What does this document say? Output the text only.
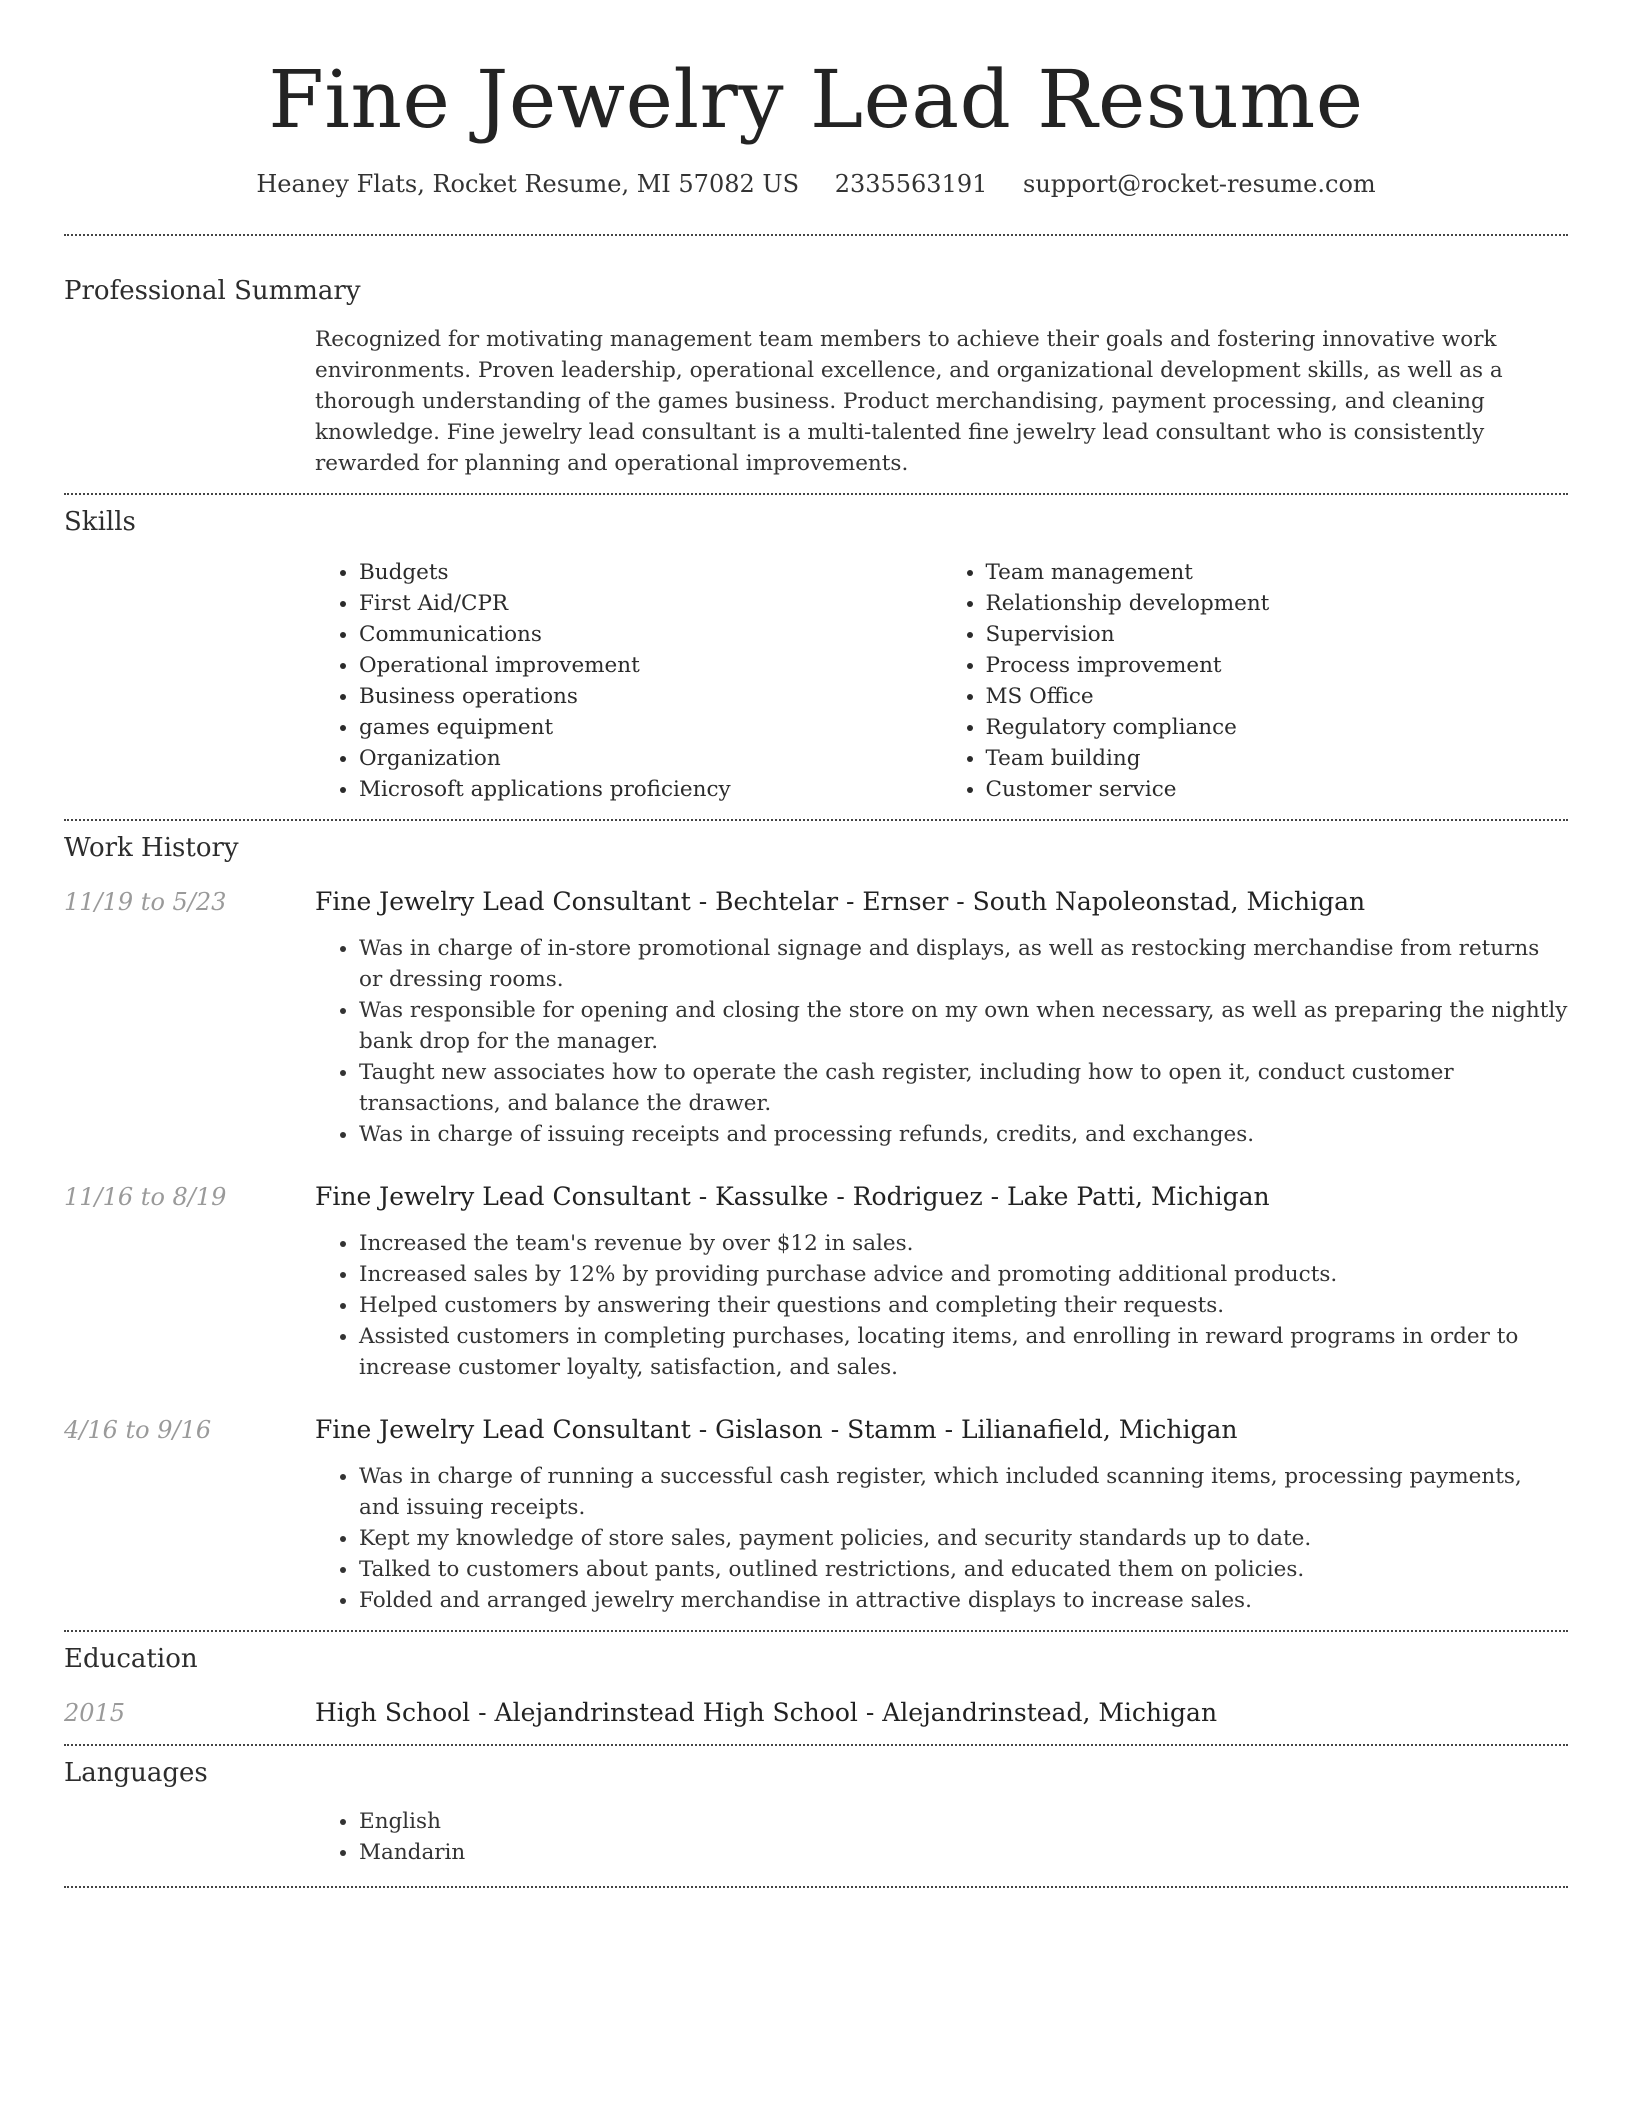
Fine Jewelry Lead Resume
Heaney Flats, Rocket Resume, MI 57082 US 2335563191 support@rocket-resume.com
Professional Summary

Recognized for motivating management team members to achieve their goals and fostering innovative work environments. Proven leadership, operational excellence, and organizational development skills, as well as a thorough understanding of the games business. Product merchandising, payment processing, and cleaning knowledge. Fine jewelry lead consultant is a multi-talented fine jewelry lead consultant who is consistently rewarded for planning and operational improvements.

Skills
• Budgets
• First Aid/CPR
• Communications
• Operational improvement
• Business operations
• games equipment
• Organization
• Microsoft applications proficiency
• Team management
• Relationship development
• Supervision
• Process improvement
• MS Office
• Regulatory compliance
• Team building
• Customer service
Work History
11/19 to 5/23	Fine Jewelry Lead Consultant - Bechtelar - Ernser - South Napoleonstad, Michigan
• Was in charge of in-store promotional signage and displays, as well as restocking merchandise from returns or dressing rooms.
• Was responsible for opening and closing the store on my own when necessary, as well as preparing the nightly bank drop for the manager.
• Taught new associates how to operate the cash register, including how to open it, conduct customer transactions, and balance the drawer.
• Was in charge of issuing receipts and processing refunds, credits, and exchanges.
11/16 to 8/19	Fine Jewelry Lead Consultant - Kassulke - Rodriguez - Lake Patti, Michigan
• Increased the team's revenue by over $12 in sales.
• Increased sales by 12% by providing purchase advice and promoting additional products.
• Helped customers by answering their questions and completing their requests.
• Assisted customers in completing purchases, locating items, and enrolling in reward programs in order to increase customer loyalty, satisfaction, and sales.
4/16 to 9/16	Fine Jewelry Lead Consultant - Gislason - Stamm - Lilianafield, Michigan
• Was in charge of running a successful cash register, which included scanning items, processing payments, and issuing receipts.
• Kept my knowledge of store sales, payment policies, and security standards up to date.
• Talked to customers about pants, outlined restrictions, and educated them on policies.
• Folded and arranged jewelry merchandise in attractive displays to increase sales.
Education
2015	High School - Alejandrinstead High School - Alejandrinstead, Michigan
Languages
• English
• Mandarin
